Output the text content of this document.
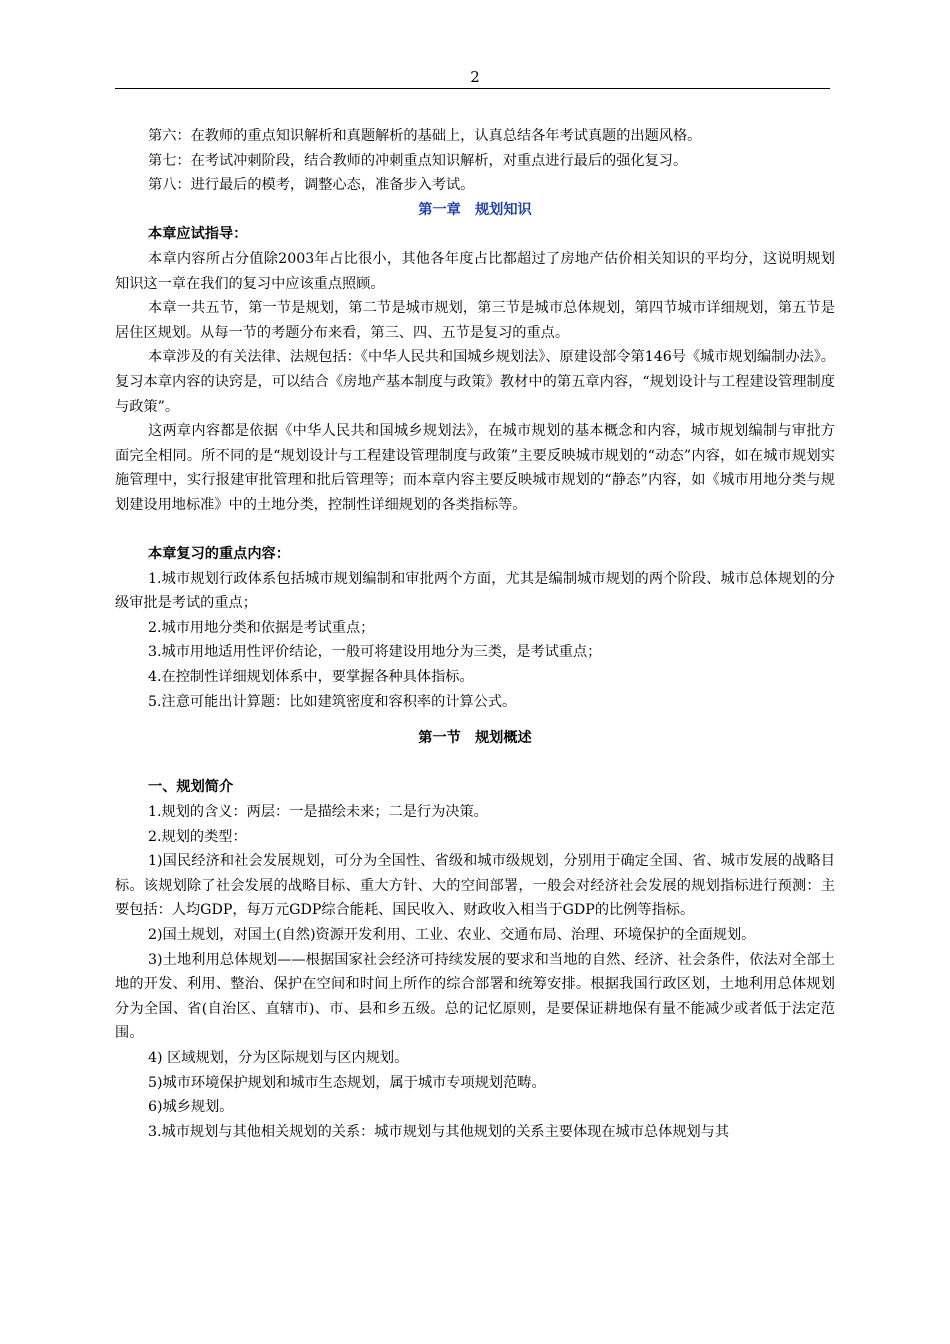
2

第六：在教师的重点知识解析和真题解析的基础上，认真总结各年考试真题的出题风格。

第七：在考试冲刺阶段，结合教师的冲刺重点知识解析，对重点进行最后的强化复习。

第八：进行最后的模考，调整心态，准备步入考试。

第一章　规划知识

本章应试指导：

本章内容所占分值除2003年占比很小，其他各年度占比都超过了房地产估价相关知识的平均分，这说明规划知识这一章在我们的复习中应该重点照顾。

本章一共五节，第一节是规划，第二节是城市规划，第三节是城市总体规划，第四节城市详细规划，第五节是居住区规划。从每一节的考题分布来看，第三、四、五节是复习的重点。

本章涉及的有关法律、法规包括：《中华人民共和国城乡规划法》、原建设部令第146号《城市规划编制办法》。复习本章内容的诀窍是，可以结合《房地产基本制度与政策》教材中的第五章内容，“规划设计与工程建设管理制度与政策”。

这两章内容都是依据《中华人民共和国城乡规划法》，在城市规划的基本概念和内容，城市规划编制与审批方面完全相同。所不同的是“规划设计与工程建设管理制度与政策”主要反映城市规划的“动态”内容，如在城市规划实施管理中，实行报建审批管理和批后管理等；而本章内容主要反映城市规划的“静态”内容，如《城市用地分类与规划建设用地标准》中的土地分类，控制性详细规划的各类指标等。

本章复习的重点内容：

1.城市规划行政体系包括城市规划编制和审批两个方面，尤其是编制城市规划的两个阶段、城市总体规划的分级审批是考试的重点；

2.城市用地分类和依据是考试重点；

3.城市用地适用性评价结论，一般可将建设用地分为三类，是考试重点；

4.在控制性详细规划体系中，要掌握各种具体指标。

5.注意可能出计算题：比如建筑密度和容积率的计算公式。

第一节　规划概述

一、规划简介

1.规划的含义：两层：一是描绘未来；二是行为决策。

2.规划的类型：

1)国民经济和社会发展规划，可分为全国性、省级和城市级规划，分别用于确定全国、省、城市发展的战略目标。该规划除了社会发展的战略目标、重大方针、大的空间部署，一般会对经济社会发展的规划指标进行预测：主要包括：人均GDP，每万元GDP综合能耗、国民收入、财政收入相当于GDP的比例等指标。

2)国土规划，对国土(自然)资源开发利用、工业、农业、交通布局、治理、环境保护的全面规划。

3)土地利用总体规划——根据国家社会经济可持续发展的要求和当地的自然、经济、社会条件，依法对全部土地的开发、利用、整治、保护在空间和时间上所作的综合部署和统筹安排。根据我国行政区划，土地利用总体规划分为全国、省(自治区、直辖市)、市、县和乡五级。总的记忆原则，是要保证耕地保有量不能减少或者低于法定范围。

4) 区域规划，分为区际规划与区内规划。

5)城市环境保护规划和城市生态规划，属于城市专项规划范畴。

6)城乡规划。

3.城市规划与其他相关规划的关系：城市规划与其他规划的关系主要体现在城市总体规划与其
